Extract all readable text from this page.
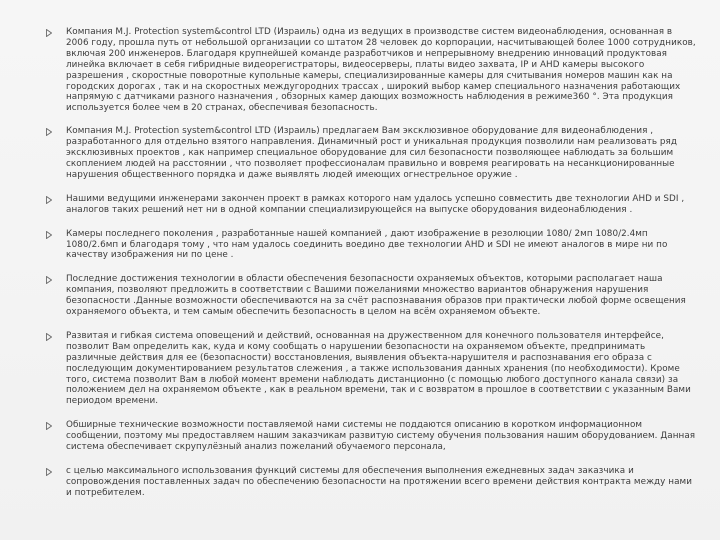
Компания M.J. Protection system&control LTD (Израиль) одна из ведущих в производстве систем видеонаблюдения, основанная в 2006 году, прошла путь от небольшой организации со штатом 28 человек до корпорации, насчитывающей более 1000 сотрудников, включая 200 инженеров. Благодаря крупнейшей команде разработчиков и непрерывному внедрению инноваций продуктовая линейка включает в себя гибридные видеорегистраторы, видеосерверы, платы видео захвата, IP и AHD камеры высокого разрешения , скоростные поворотные купольные камеры, специализированные камеры для считывания номеров машин как на городских дорогах , так и на скоростных междугородних трассах , широкий выбор камер специального назначения работающих напрямую с датчиками разного назначения , обзорных камер дающих возможность наблюдения в режиме360 °. Эта продукция используется более чем в 20 странах, обеспечивая безопасность.
Компания M.J. Protection system&control LTD (Израиль) предлагаем Вам эксклюзивное оборудование для видеонаблюдения , разработанного для отдельно взятого направления. Динамичный рост и уникальная продукция позволили нам реализовать ряд эксклюзивных проектов , как например специальное оборудование для сил безопасности позволяющее наблюдать за большим скоплением людей на расстоянии , что позволяет профессионалам правильно и вовремя реагировать на несанкционированные нарушения общественного порядка и даже выявлять людей имеющих огнестрельное оружие .
Нашими ведущими инженерами закончен проект в рамках которого нам удалось успешно совместить две технологии AHD и SDI , аналогов таких решений нет ни в одной компании специализирующейся на выпуске оборудования видеонаблюдения .
Камеры последнего поколения , разработанные нашей компанией , дают изображение в резолюции 1080/ 2мп 1080/2.4мп 1080/2.6мп и благодаря тому , что нам удалось соединить воедино две технологии AHD и SDI не имеют аналогов в мире ни по качеству изображения ни по цене .
Последние достижения технологии в области обеспечения безопасности охраняемых объектов, которыми располагает наша компания, позволяют предложить в соответствии с Вашими пожеланиями множество вариантов обнаружения нарушения безопасности .Данные возможности обеспечиваются на за счёт распознавания образов при практически любой форме освещения охраняемого объекта, и тем самым обеспечить безопасность в целом на всём охраняемом объекте.
Развитая и гибкая система оповещений и действий, основанная на дружественном для конечного пользователя интерфейсе, позволит Вам определить как, куда и кому сообщать о нарушении безопасности на охраняемом объекте, предпринимать различные действия для ее (безопасности) восстановления, выявления объекта-нарушителя и распознавания его образа с последующим документированием результатов слежения , а также использования данных хранения (по необходимости). Кроме того, система позволит Вам в любой момент времени наблюдать дистанционно (с помощью любого доступного канала связи) за положением дел на охраняемом объекте , как в реальном времени, так и с возвратом в прошлое в соответствии с указанным Вами периодом времени.
Обширные технические возможности поставляемой нами системы не поддаются описанию в коротком информационном сообщении, поэтому мы предоставляем нашим заказчикам развитую систему обучения пользования нашим оборудованием. Данная система обеспечивает скрупулёзный анализ пожеланий обучаемого персонала,
с целью максимального использования функций системы для обеспечения выполнения ежедневных задач заказчика и сопровождения поставленных задач по обеспечению безопасности на протяжении всего времени действия контракта между нами и потребителем.
